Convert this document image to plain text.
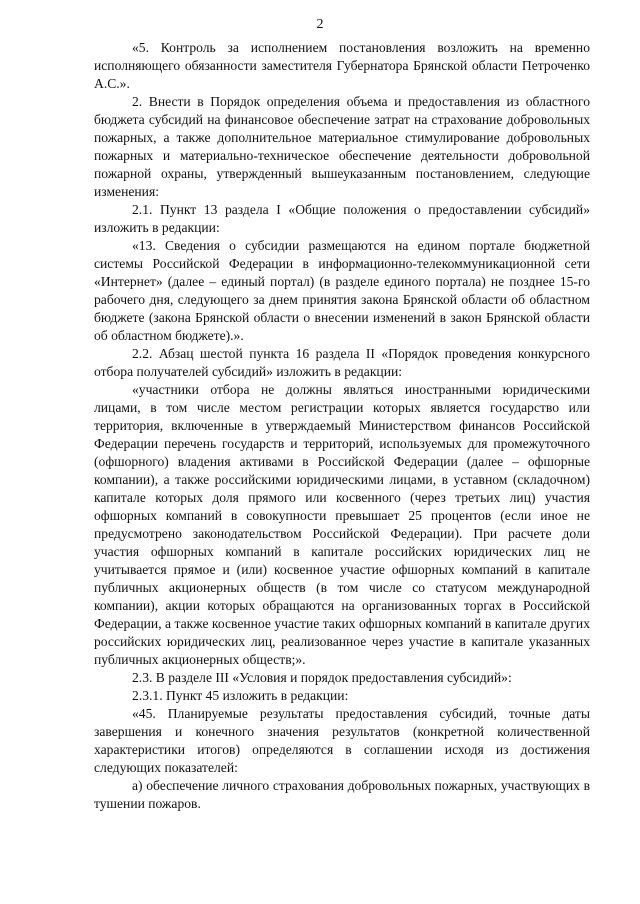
2

«5. Контроль за исполнением постановления возложить на временно исполняющего обязанности заместителя Губернатора Брянской области Петроченко А.С.».

2. Внести в Порядок определения объема и предоставления из областного бюджета субсидий на финансовое обеспечение затрат на страхование добровольных пожарных, а также дополнительное материальное стимулирование добровольных пожарных и материально-техническое обеспечение деятельности добровольной пожарной охраны, утвержденный вышеуказанным постановлением, следующие изменения:

2.1. Пункт 13 раздела I «Общие положения о предоставлении субсидий» изложить в редакции:

«13. Сведения о субсидии размещаются на едином портале бюджетной системы Российской Федерации в информационно-телекоммуникационной сети «Интернет» (далее – единый портал) (в разделе единого портала) не позднее 15-го рабочего дня, следующего за днем принятия закона Брянской области об областном бюджете (закона Брянской области о внесении изменений в закон Брянской области об областном бюджете).».

2.2. Абзац шестой пункта 16 раздела II «Порядок проведения конкурсного отбора получателей субсидий» изложить в редакции:

«участники отбора не должны являться иностранными юридическими лицами, в том числе местом регистрации которых является государство или территория, включенные в утверждаемый Министерством финансов Российской Федерации перечень государств и территорий, используемых для промежуточного (офшорного) владения активами в Российской Федерации (далее – офшорные компании), а также российскими юридическими лицами, в уставном (складочном) капитале которых доля прямого или косвенного (через третьих лиц) участия офшорных компаний в совокупности превышает 25 процентов (если иное не предусмотрено законодательством Российской Федерации). При расчете доли участия офшорных компаний в капитале российских юридических лиц не учитывается прямое и (или) косвенное участие офшорных компаний в капитале публичных акционерных обществ (в том числе со статусом международной компании), акции которых обращаются на организованных торгах в Российской Федерации, а также косвенное участие таких офшорных компаний в капитале других российских юридических лиц, реализованное через участие в капитале указанных публичных акционерных обществ;».

2.3. В разделе III «Условия и порядок предоставления субсидий»:

2.3.1. Пункт 45 изложить в редакции:

«45. Планируемые результаты предоставления субсидий, точные даты завершения и конечного значения результатов (конкретной количественной характеристики итогов) определяются в соглашении исходя из достижения следующих показателей:

а) обеспечение личного страхования добровольных пожарных, участвующих в тушении пожаров.
